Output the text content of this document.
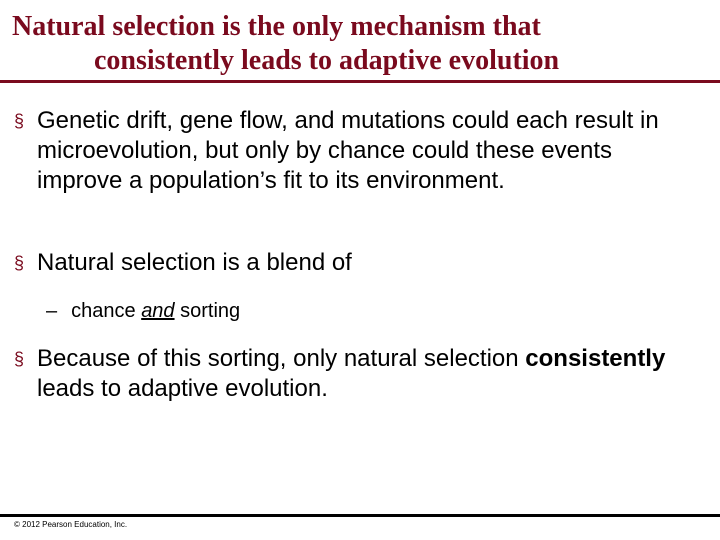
Natural selection is the only mechanism that
consistently leads to adaptive evolution
§ Genetic drift, gene flow, and mutations could each result in microevolution, but only by chance could these events improve a population’s fit to its environment.
§ Natural selection is a blend of
– chance and sorting
§ Because of this sorting, only natural selection consistently leads to adaptive evolution.
© 2012 Pearson Education, Inc.
